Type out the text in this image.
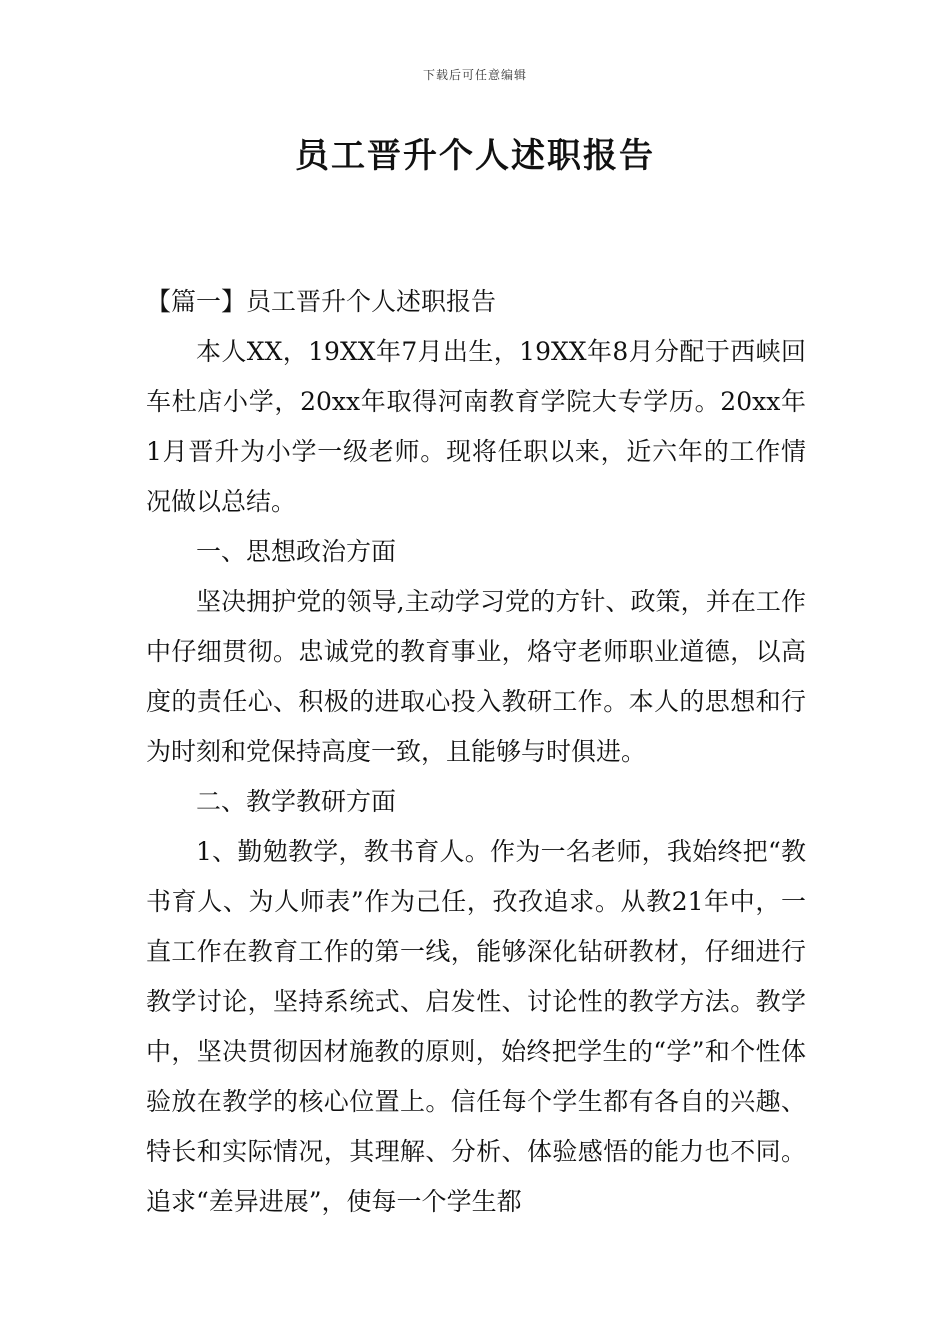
下载后可任意编辑
员工晋升个人述职报告

【篇一】员工晋升个人述职报告

本人XX，19XX年7月出生，19XX年8月分配于西峡回车杜店小学，20xx年取得河南教育学院大专学历。20xx年1月晋升为小学一级老师。现将任职以来，近六年的工作情况做以总结。

一、思想政治方面

坚决拥护党的领导,主动学习党的方针、政策，并在工作中仔细贯彻。忠诚党的教育事业，烙守老师职业道德，以高度的责任心、积极的进取心投入教研工作。本人的思想和行为时刻和党保持高度一致，且能够与时俱进。

二、教学教研方面

1、勤勉教学，教书育人。作为一名老师，我始终把“教书育人、为人师表”作为己任，孜孜追求。从教21年中，一直工作在教育工作的第一线，能够深化钻研教材，仔细进行教学讨论，坚持系统式、启发性、讨论性的教学方法。教学中，坚决贯彻因材施教的原则，始终把学生的“学”和个性体验放在教学的核心位置上。信任每个学生都有各自的兴趣、特长和实际情况，其理解、分析、体验感悟的能力也不同。追求“差异进展”，使每一个学生都
